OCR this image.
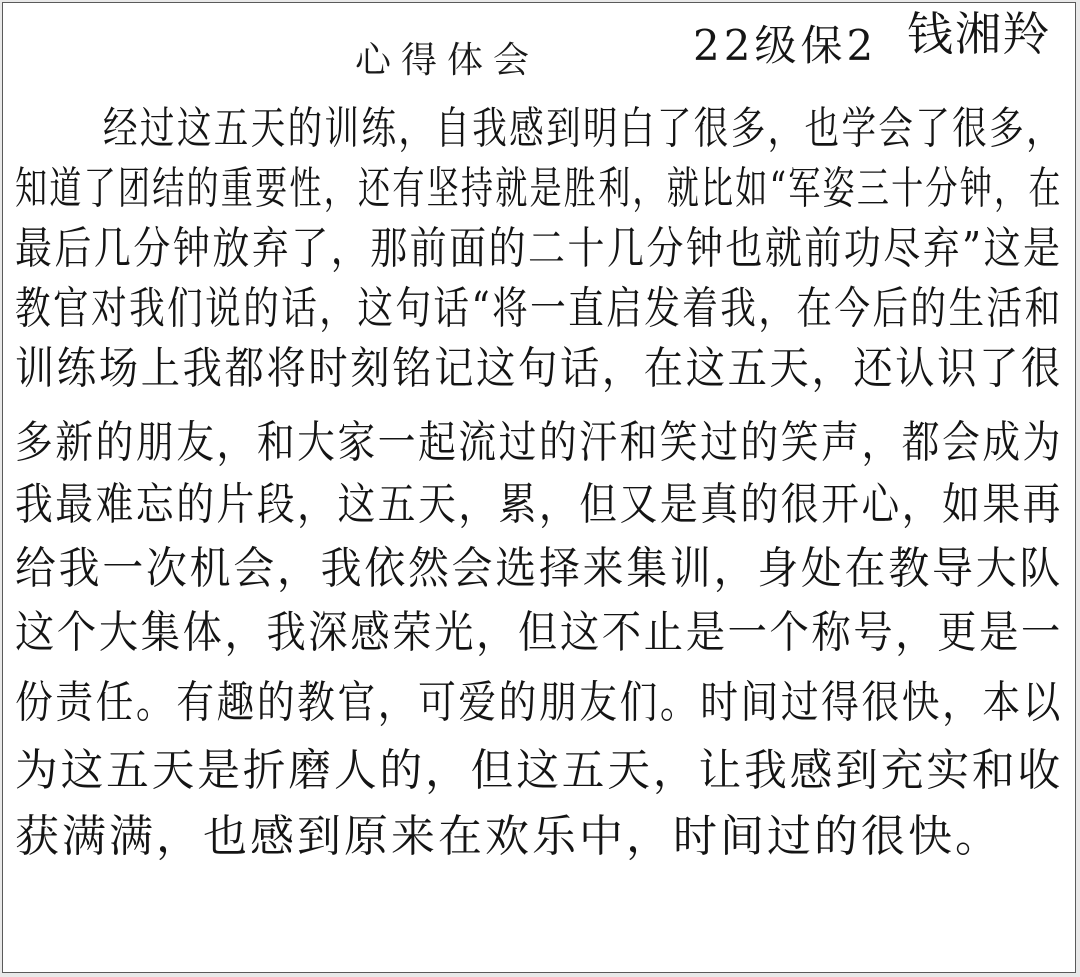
心得体会	22级保2 钱湘羚
经过这五天的训练，自我感到明白了很多，也学会了很多，
知道了团结的重要性，还有坚持就是胜利，就比如“军姿三十分钟，在
最后几分钟放弃了，那前面的二十几分钟也就前功尽弃”这是
教官对我们说的话，这句话“将一直启发着我，在今后的生活和
训练场上我都将时刻铭记这句话，在这五天，还认识了很
多新的朋友，和大家一起流过的汗和笑过的笑声，都会成为
我最难忘的片段，这五天，累，但又是真的很开心，如果再
给我一次机会，我依然会选择来集训，身处在教导大队
这个大集体，我深感荣光，但这不止是一个称号，更是一
份责任。有趣的教官，可爱的朋友们。时间过得很快，本以
为这五天是折磨人的，但这五天，让我感到充实和收
获满满，也感到原来在欢乐中，时间过的很快。
